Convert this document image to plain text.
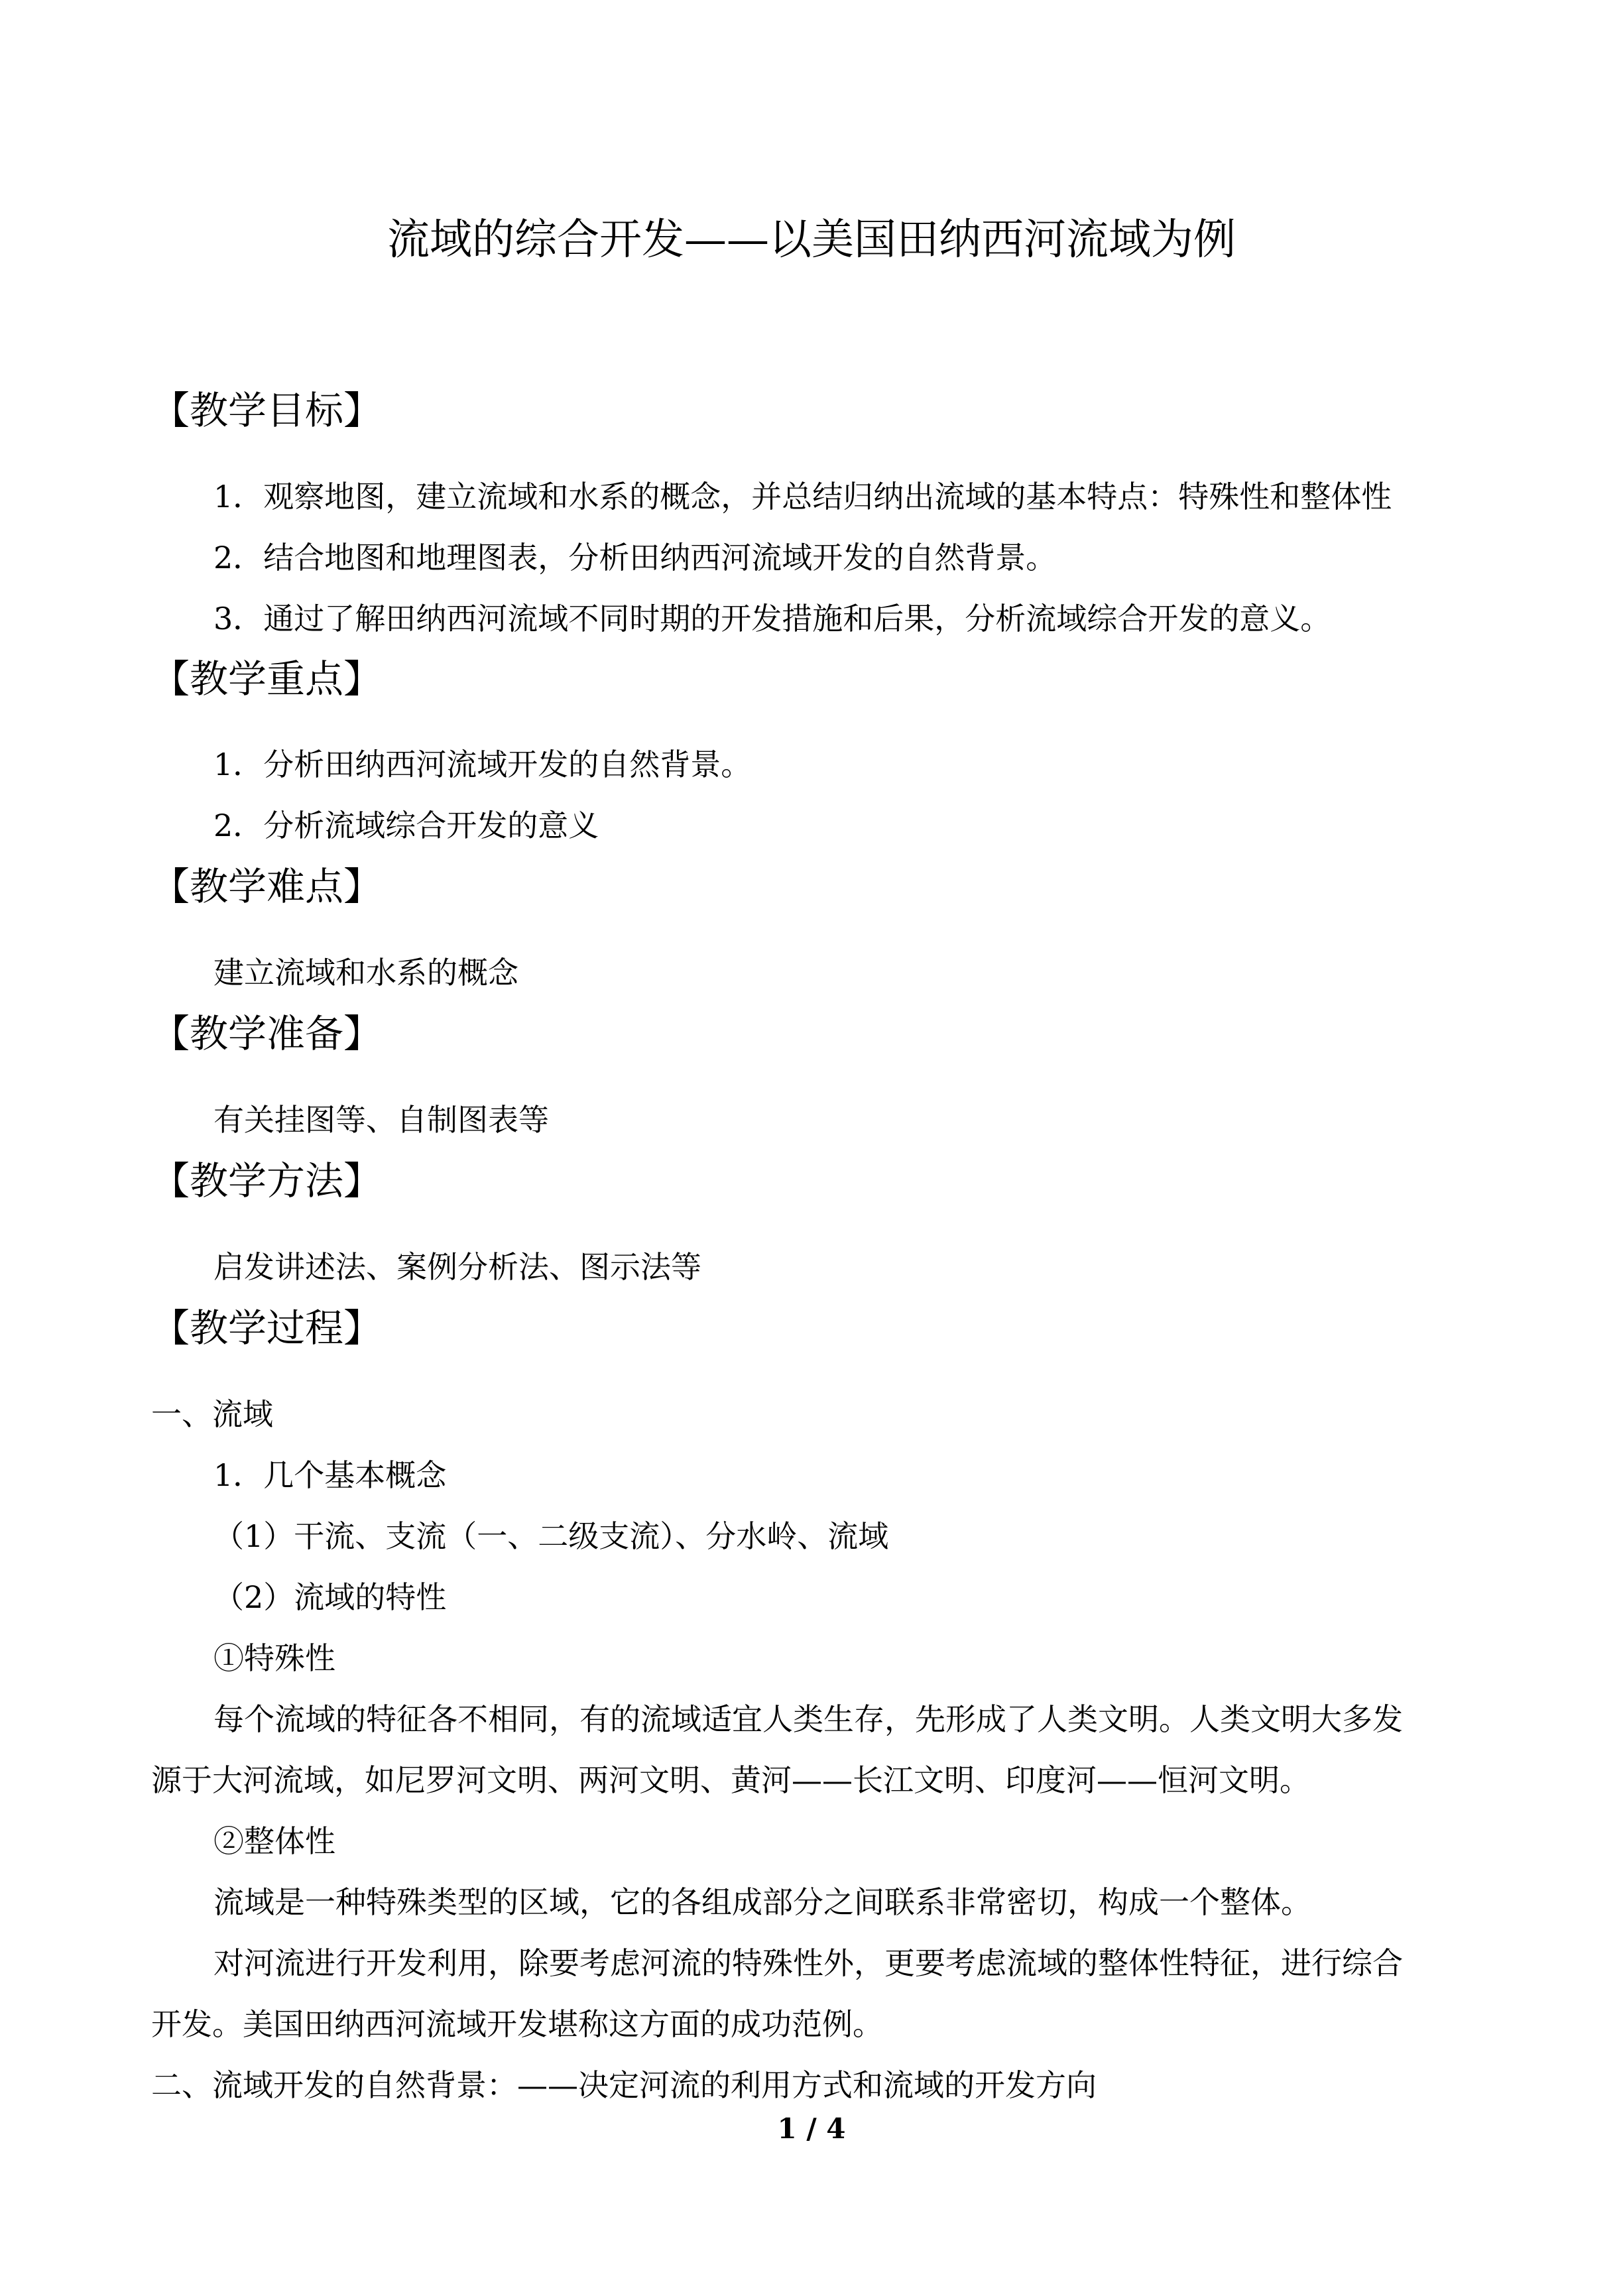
流域的综合开发——以美国田纳西河流域为例
【教学目标】
1．观察地图，建立流域和水系的概念，并总结归纳出流域的基本特点：特殊性和整体性
2．结合地图和地理图表，分析田纳西河流域开发的自然背景。
3．通过了解田纳西河流域不同时期的开发措施和后果，分析流域综合开发的意义。
【教学重点】
1．分析田纳西河流域开发的自然背景。
2．分析流域综合开发的意义
【教学难点】
建立流域和水系的概念
【教学准备】
有关挂图等、自制图表等
【教学方法】
启发讲述法、案例分析法、图示法等
【教学过程】
一、流域
1．几个基本概念
（1）干流、支流（一、二级支流）、分水岭、流域
（2）流域的特性
①特殊性
每个流域的特征各不相同，有的流域适宜人类生存，先形成了人类文明。人类文明大多发
源于大河流域，如尼罗河文明、两河文明、黄河——长江文明、印度河——恒河文明。
②整体性
流域是一种特殊类型的区域，它的各组成部分之间联系非常密切，构成一个整体。
对河流进行开发利用，除要考虑河流的特殊性外，更要考虑流域的整体性特征，进行综合
开发。美国田纳西河流域开发堪称这方面的成功范例。
二、流域开发的自然背景：——决定河流的利用方式和流域的开发方向
1 / 4
